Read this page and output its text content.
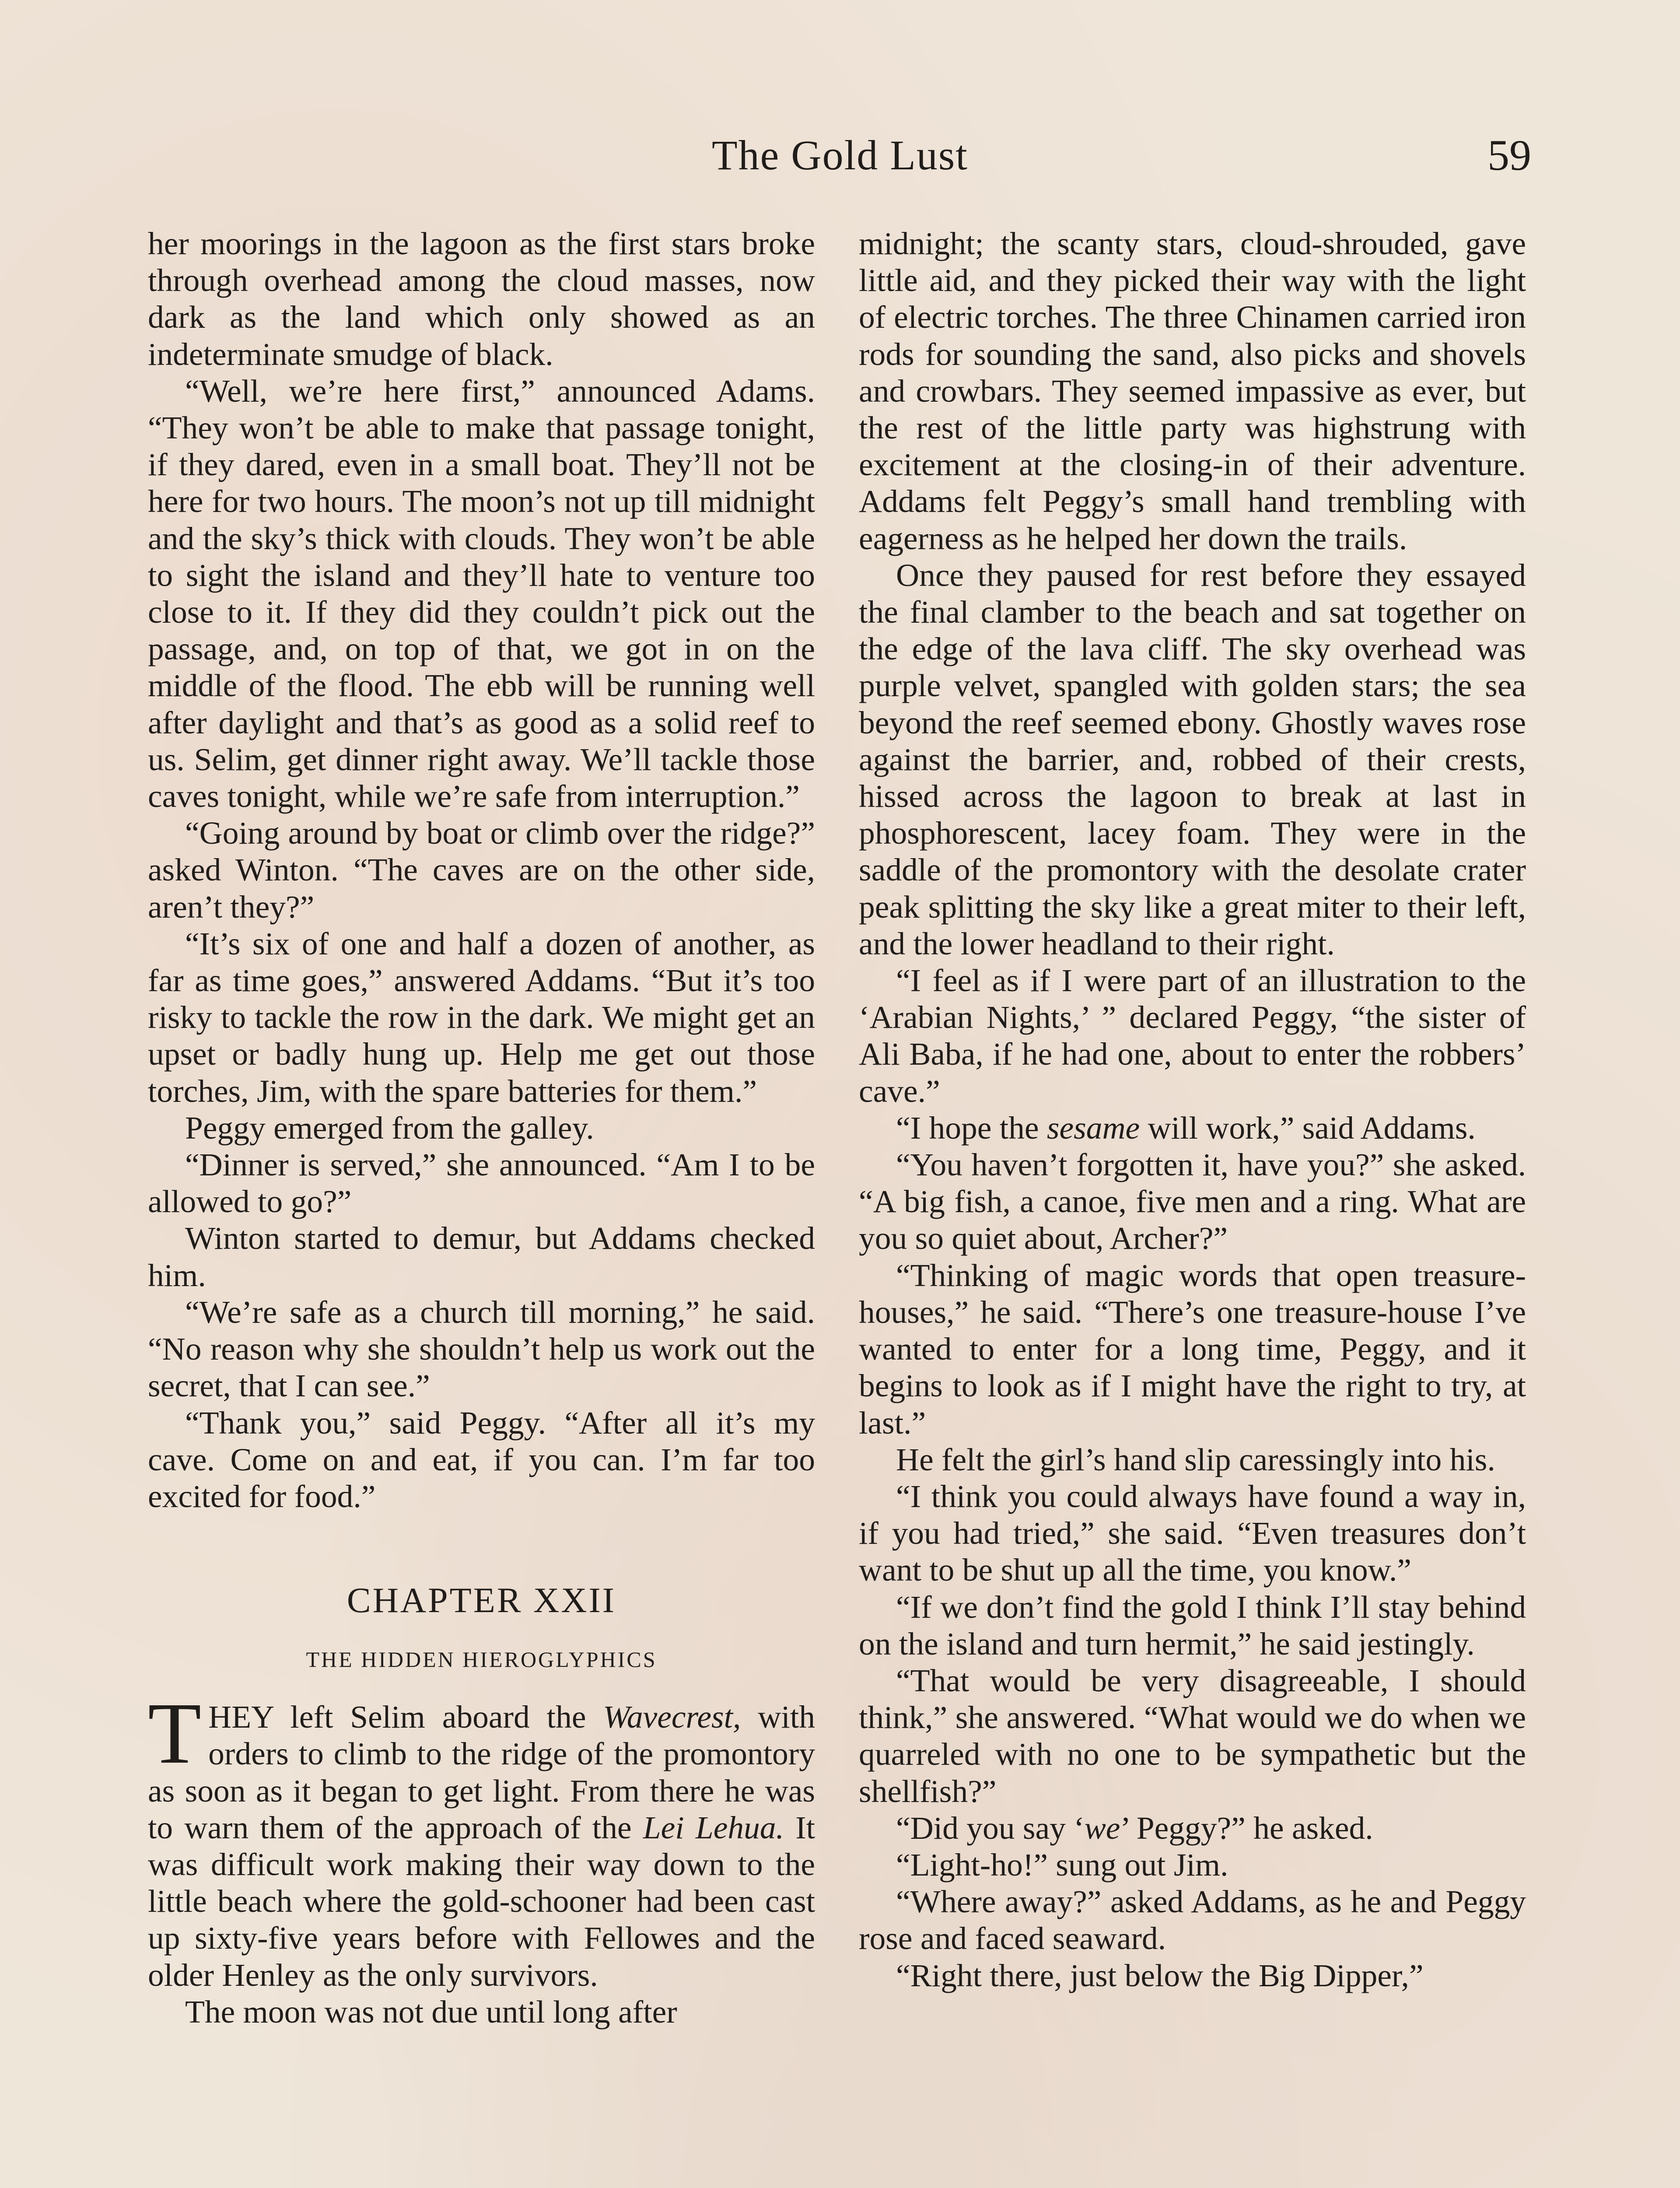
The Gold Lust	59

her moorings in the lagoon as the first stars broke through overhead among the cloud masses, now dark as the land which only showed as an indeterminate smudge of black.

“Well, we’re here first,” announced Adams. “They won’t be able to make that passage tonight, if they dared, even in a small boat. They’ll not be here for two hours. The moon’s not up till midnight and the sky’s thick with clouds. They won’t be able to sight the island and they’ll hate to venture too close to it. If they did they couldn’t pick out the passage, and, on top of that, we got in on the middle of the flood. The ebb will be running well after daylight and that’s as good as a solid reef to us. Selim, get dinner right away. We’ll tackle those caves tonight, while we’re safe from interruption.”

“Going around by boat or climb over the ridge?” asked Winton. “The caves are on the other side, aren’t they?”

“It’s six of one and half a dozen of another, as far as time goes,” answered Addams. “But it’s too risky to tackle the row in the dark. We might get an upset or badly hung up. Help me get out those torches, Jim, with the spare batteries for them.”

Peggy emerged from the galley.

“Dinner is served,” she announced. “Am I to be allowed to go?”

Winton started to demur, but Addams checked him.

“We’re safe as a church till morning,” he said. “No reason why she shouldn’t help us work out the secret, that I can see.”

“Thank you,” said Peggy. “After all it’s my cave. Come on and eat, if you can. I’m far too excited for food.”

CHAPTER XXII
THE HIDDEN HIEROGLYPHICS

THEY left Selim aboard the Wavecrest, with orders to climb to the ridge of the promontory as soon as it began to get light. From there he was to warn them of the approach of the Lei Lehua. It was difficult work making their way down to the little beach where the gold-schooner had been cast up sixty-five years before with Fellowes and the older Henley as the only survivors.

The moon was not due until long after

midnight; the scanty stars, cloud-shrouded, gave little aid, and they picked their way with the light of electric torches. The three Chinamen carried iron rods for sounding the sand, also picks and shovels and crowbars. They seemed impassive as ever, but the rest of the little party was highstrung with excitement at the closing-in of their adventure. Addams felt Peggy’s small hand trembling with eagerness as he helped her down the trails.

Once they paused for rest before they essayed the final clamber to the beach and sat together on the edge of the lava cliff. The sky overhead was purple velvet, spangled with golden stars; the sea beyond the reef seemed ebony. Ghostly waves rose against the barrier, and, robbed of their crests, hissed across the lagoon to break at last in phosphorescent, lacey foam. They were in the saddle of the promontory with the desolate crater peak splitting the sky like a great miter to their left, and the lower headland to their right.

“I feel as if I were part of an illustration to the ‘Arabian Nights,’ ” declared Peggy, “the sister of Ali Baba, if he had one, about to enter the robbers’ cave.”

“I hope the sesame will work,” said Addams.

“You haven’t forgotten it, have you?” she asked. “A big fish, a canoe, five men and a ring. What are you so quiet about, Archer?”

“Thinking of magic words that open treasure-houses,” he said. “There’s one treasure-house I’ve wanted to enter for a long time, Peggy, and it begins to look as if I might have the right to try, at last.”

He felt the girl’s hand slip caressingly into his.

“I think you could always have found a way in, if you had tried,” she said. “Even treasures don’t want to be shut up all the time, you know.”

“If we don’t find the gold I think I’ll stay behind on the island and turn hermit,” he said jestingly.

“That would be very disagreeable, I should think,” she answered. “What would we do when we quarreled with no one to be sympathetic but the shellfish?”

“Did you say ‘we’ Peggy?” he asked.

“Light-ho!” sung out Jim.

“Where away?” asked Addams, as he and Peggy rose and faced seaward.

“Right there, just below the Big Dipper,”
